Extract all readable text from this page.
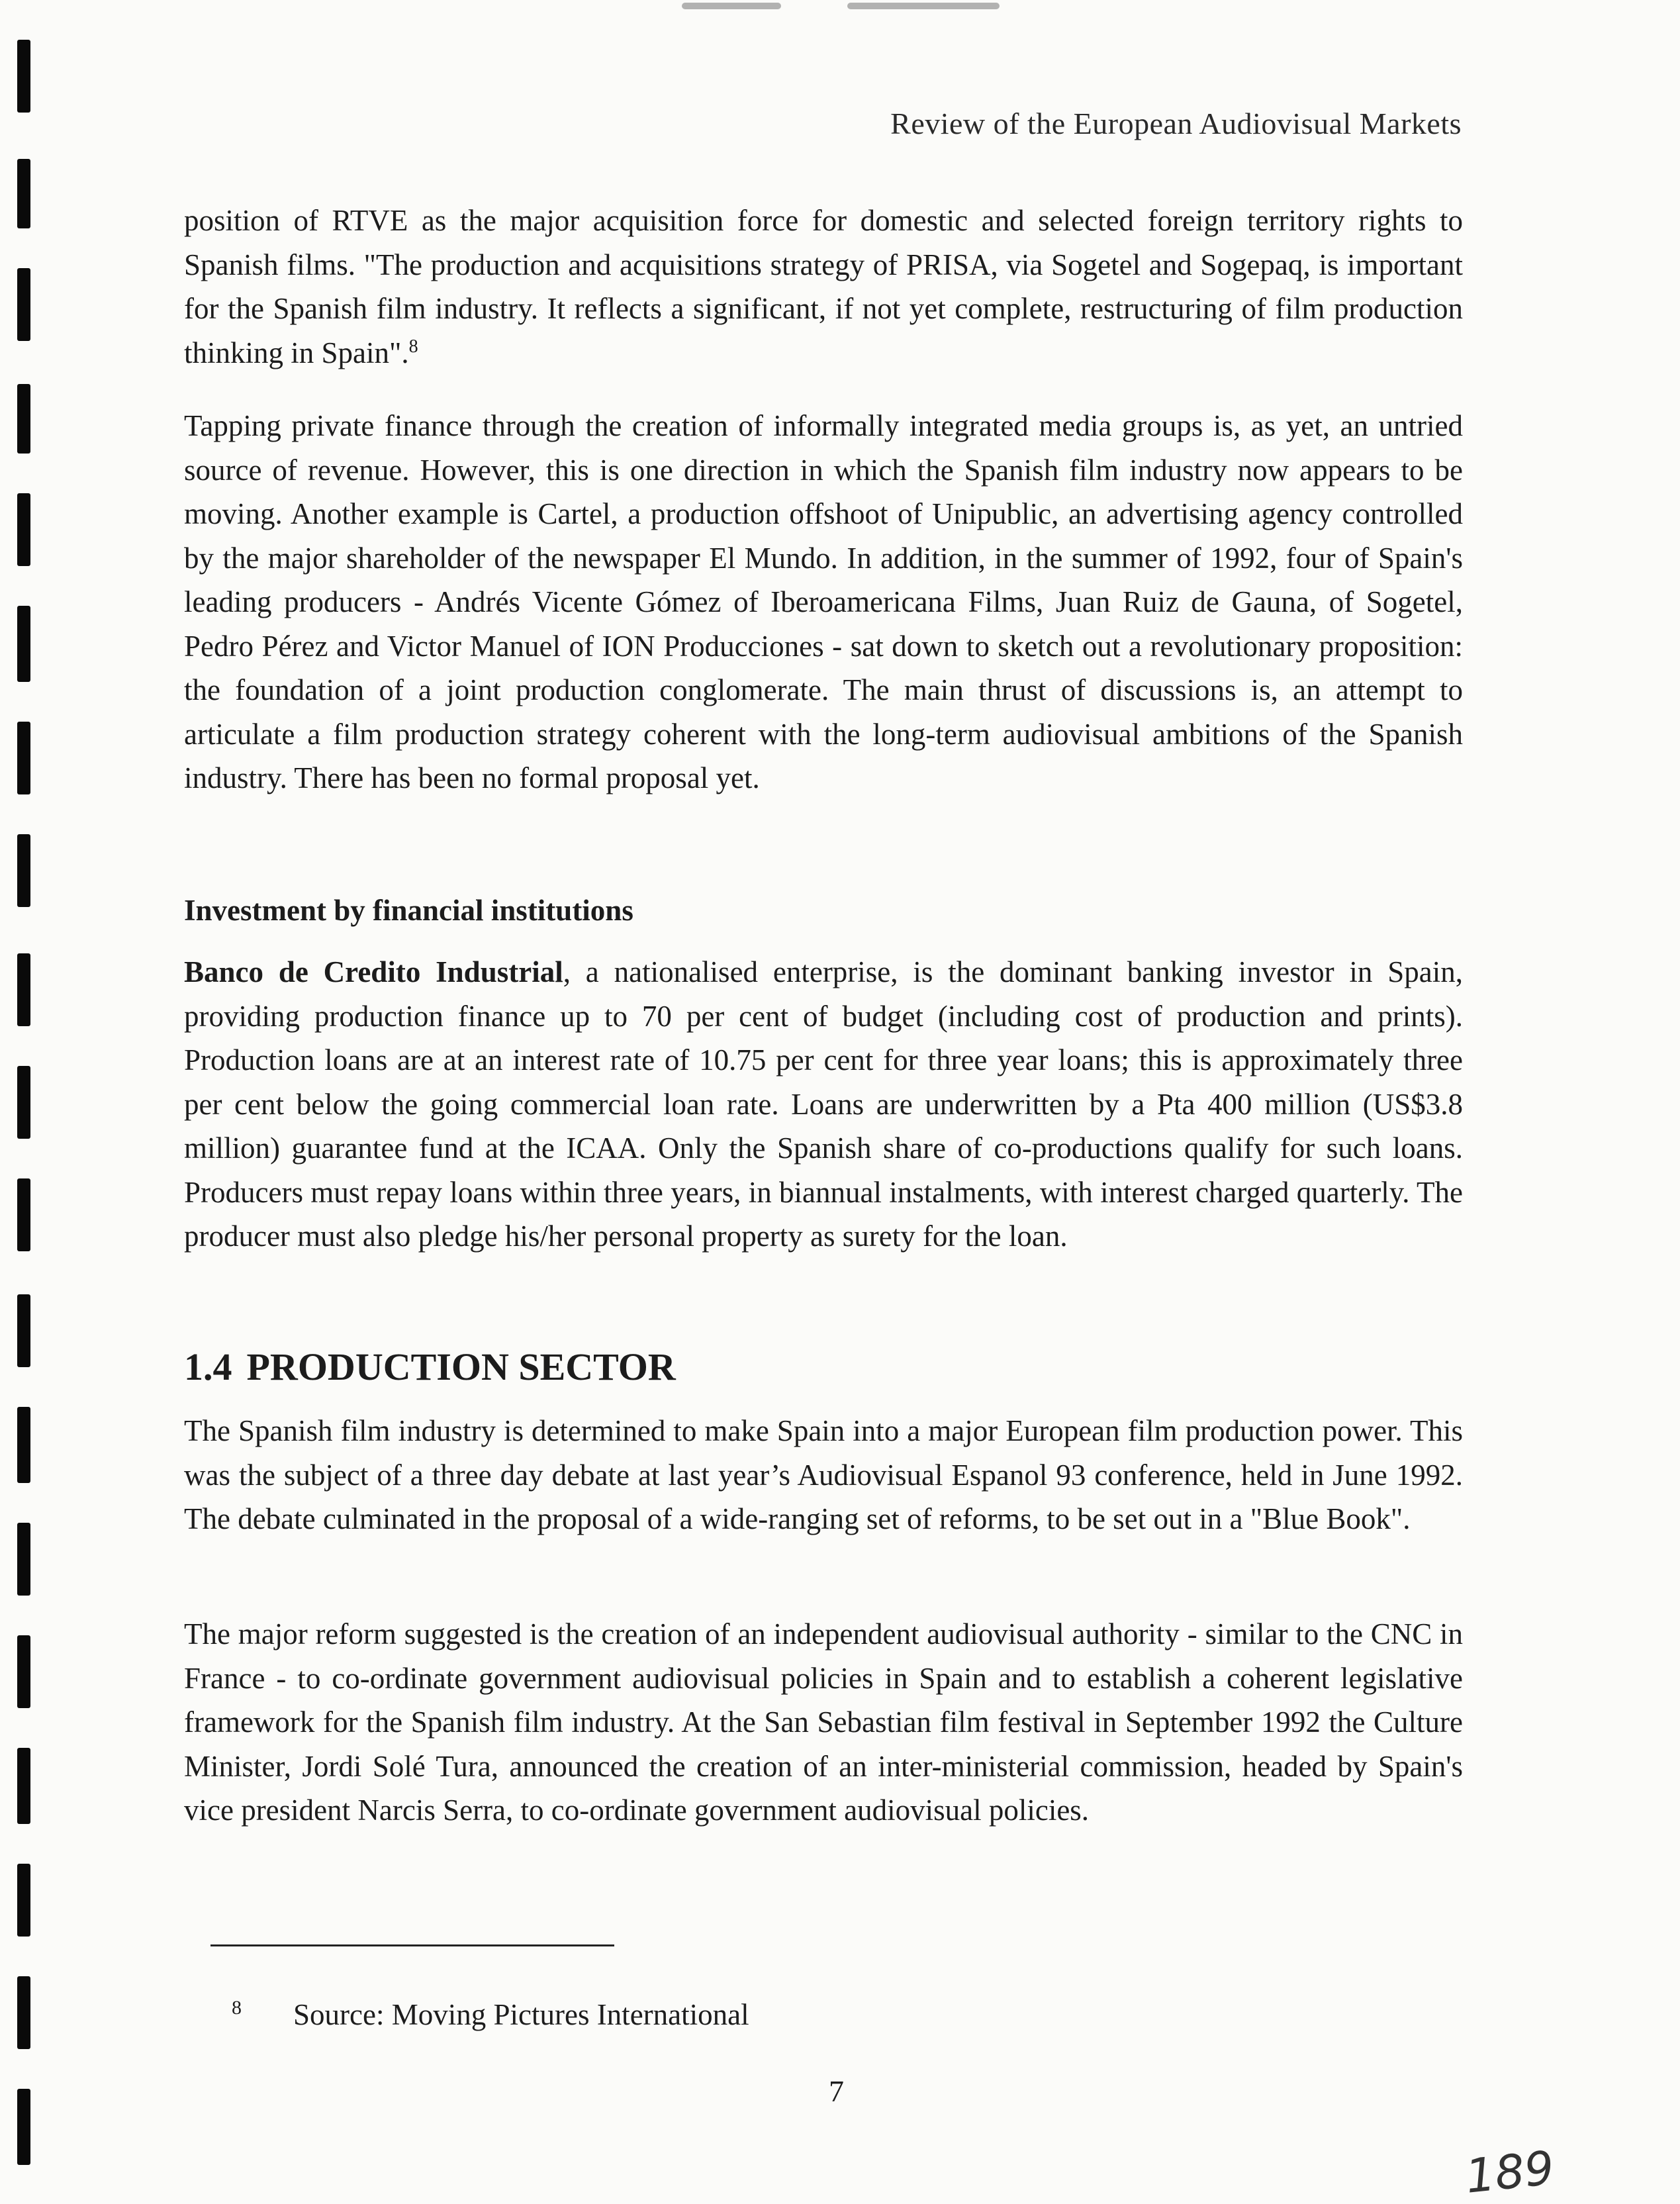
Review of the European Audiovisual Markets

position of RTVE as the major acquisition force for domestic and selected foreign territory rights to Spanish films. "The production and acquisitions strategy of PRISA, via Sogetel and Sogepaq, is important for the Spanish film industry. It reflects a significant, if not yet complete, restructuring of film production thinking in Spain".$^8$

Tapping private finance through the creation of informally integrated media groups is, as yet, an untried source of revenue. However, this is one direction in which the Spanish film industry now appears to be moving. Another example is Cartel, a production offshoot of Unipublic, an advertising agency controlled by the major shareholder of the newspaper El Mundo. In addition, in the summer of 1992, four of Spain's leading producers - Andrés Vicente Gómez of Iberoamericana Films, Juan Ruiz de Gauna, of Sogetel, Pedro Pérez and Victor Manuel of ION Producciones - sat down to sketch out a revolutionary proposition: the foundation of a joint production conglomerate. The main thrust of discussions is, an attempt to articulate a film production strategy coherent with the long-term audiovisual ambitions of the Spanish industry. There has been no formal proposal yet.

Investment by financial institutions

Banco de Credito Industrial, a nationalised enterprise, is the dominant banking investor in Spain, providing production finance up to 70 per cent of budget (including cost of production and prints). Production loans are at an interest rate of 10.75 per cent for three year loans; this is approximately three per cent below the going commercial loan rate. Loans are underwritten by a Pta 400 million (US$3.8 million) guarantee fund at the ICAA. Only the Spanish share of co-productions qualify for such loans. Producers must repay loans within three years, in biannual instalments, with interest charged quarterly. The producer must also pledge his/her personal property as surety for the loan.

1.4 PRODUCTION SECTOR

The Spanish film industry is determined to make Spain into a major European film production power. This was the subject of a three day debate at last year’s Audiovisual Espanol 93 conference, held in June 1992. The debate culminated in the proposal of a wide-ranging set of reforms, to be set out in a "Blue Book".

The major reform suggested is the creation of an independent audiovisual authority - similar to the CNC in France - to co-ordinate government audiovisual policies in Spain and to establish a coherent legislative framework for the Spanish film industry. At the San Sebastian film festival in September 1992 the Culture Minister, Jordi Solé Tura, announced the creation of an inter-ministerial commission, headed by Spain's vice president Narcis Serra, to co-ordinate government audiovisual policies.

$^8$ Source: Moving Pictures International
7
189
